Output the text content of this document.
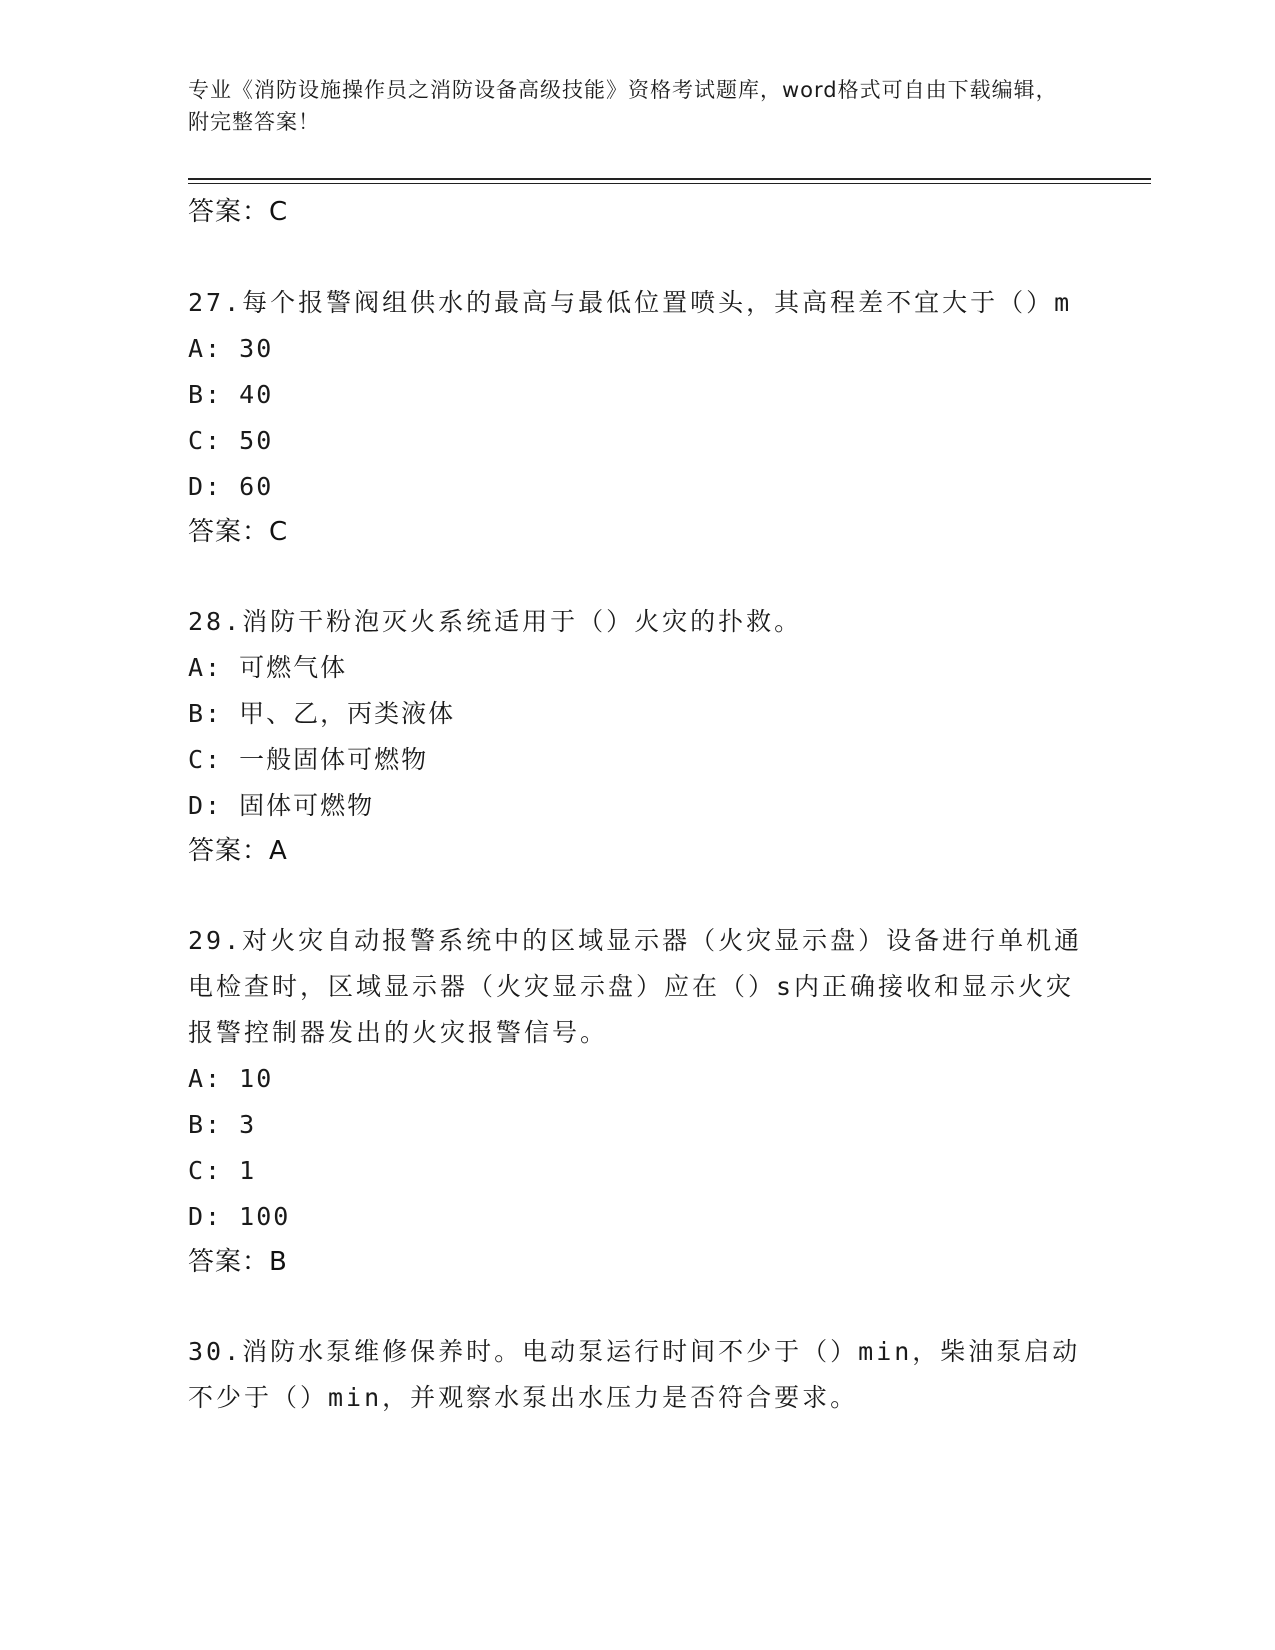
专业《消防设施操作员之消防设备高级技能》资格考试题库，word格式可自由下载编辑，附完整答案！
答案：C
27.每个报警阀组供水的最高与最低位置喷头，其高程差不宜大于（）m
A: 30
B: 40
C: 50
D: 60
答案：C
28.消防干粉泡灭火系统适用于（）火灾的扑救。
A: 可燃气体
B: 甲、乙，丙类液体
C: 一般固体可燃物
D: 固体可燃物
答案：A
29.对火灾自动报警系统中的区域显示器（火灾显示盘）设备进行单机通电检查时，区域显示器（火灾显示盘）应在（）s内正确接收和显示火灾报警控制器发出的火灾报警信号。
A: 10
B: 3
C: 1
D: 100
答案：B
30.消防水泵维修保养时。电动泵运行时间不少于（）min，柴油泵启动不少于（）min，并观察水泵出水压力是否符合要求。
